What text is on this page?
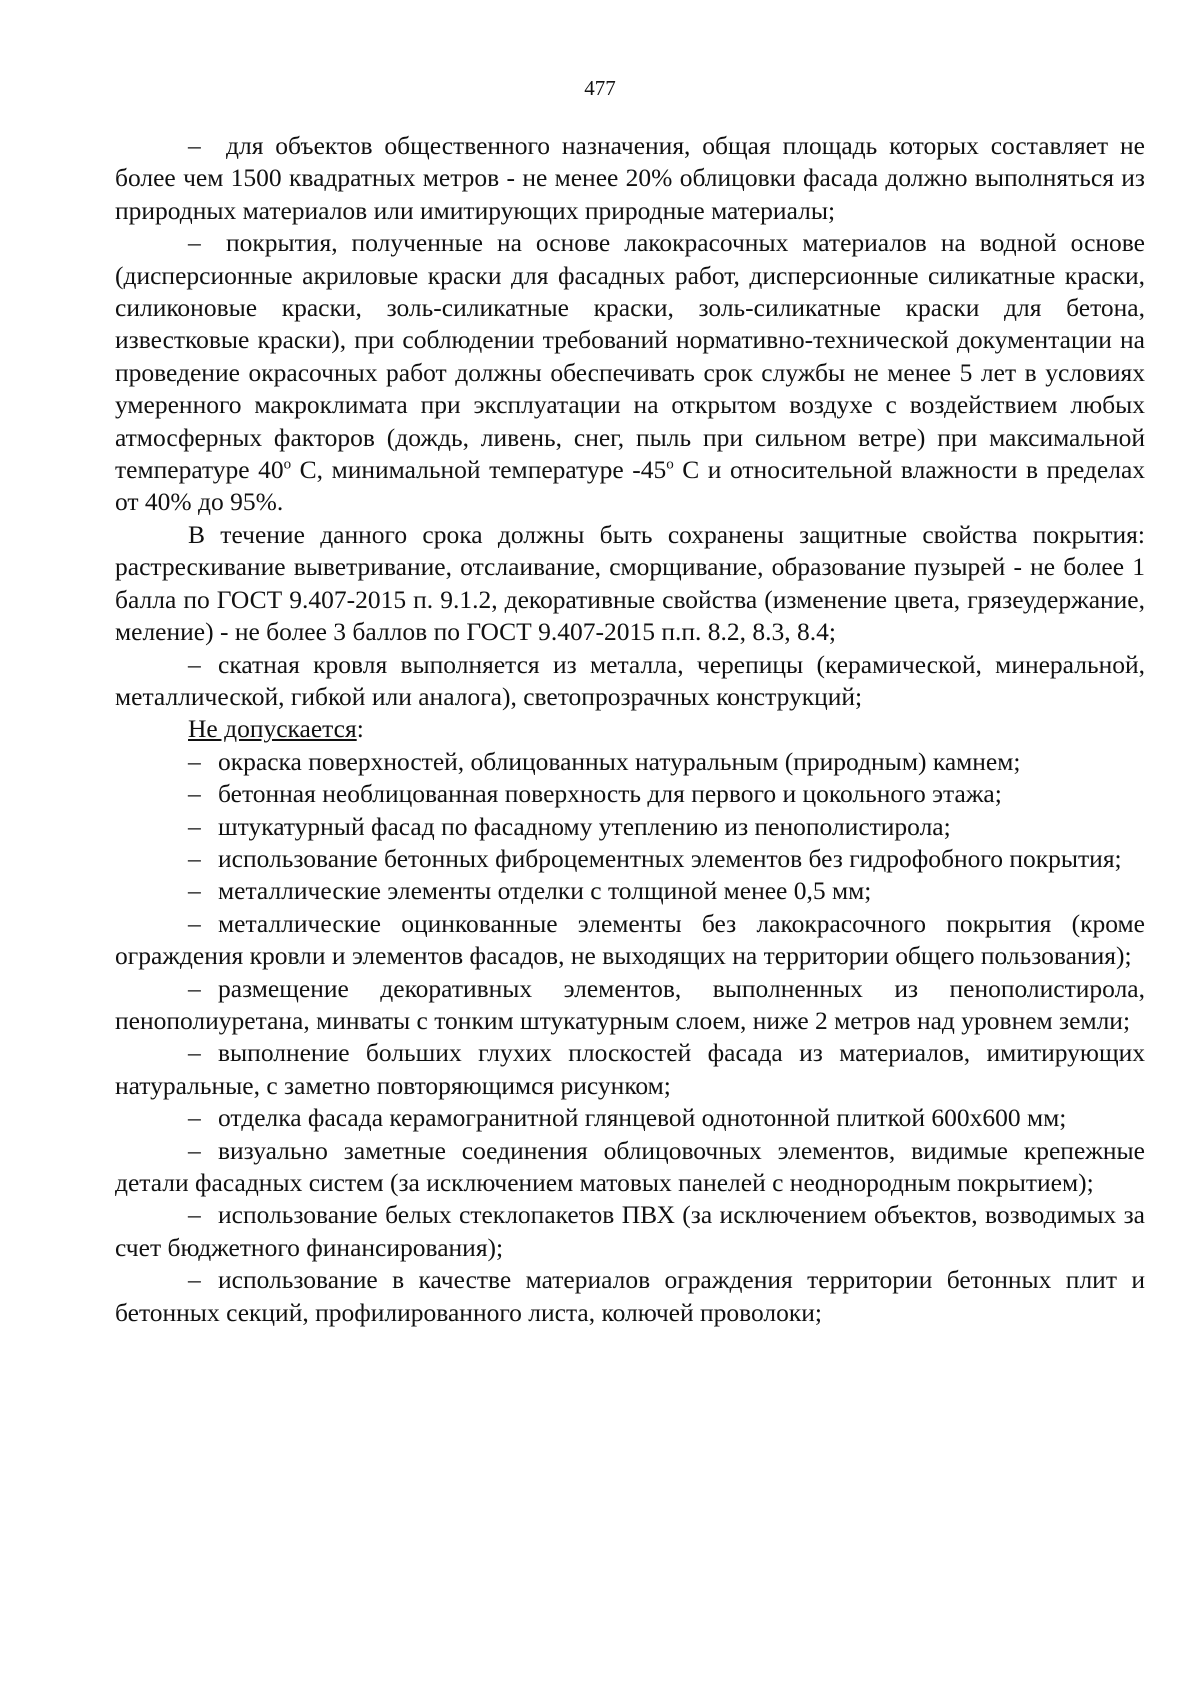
477

– для объектов общественного назначения, общая площадь которых составляет не более чем 1500 квадратных метров - не менее 20% облицовки фасада должно выполняться из природных материалов или имитирующих природные материалы;

– покрытия, полученные на основе лакокрасочных материалов на водной основе (дисперсионные акриловые краски для фасадных работ, дисперсионные силикатные краски, силиконовые краски, золь-силикатные краски, золь-силикатные краски для бетона, известковые краски), при соблюдении требований нормативно-технической документации на проведение окрасочных работ должны обеспечивать срок службы не менее 5 лет в условиях умеренного макроклимата при эксплуатации на открытом воздухе с воздействием любых атмосферных факторов (дождь, ливень, снег, пыль при сильном ветре) при максимальной температуре $40^о$ С, минимальной температуре $-45^о$ С и относительной влажности в пределах от 40% до 95%.

В течение данного срока должны быть сохранены защитные свойства покрытия: растрескивание выветривание, отслаивание, сморщивание, образование пузырей - не более 1 балла по ГОСТ 9.407-2015 п. 9.1.2, декоративные свойства (изменение цвета, грязеудержание, меление) - не более 3 баллов по ГОСТ 9.407-2015 п.п. 8.2, 8.3, 8.4;

– скатная кровля выполняется из металла, черепицы (керамической, минеральной, металлической, гибкой или аналога), светопрозрачных конструкций;

Не допускается:

– окраска поверхностей, облицованных натуральным (природным) камнем;

– бетонная необлицованная поверхность для первого и цокольного этажа;

– штукатурный фасад по фасадному утеплению из пенополистирола;

– использование бетонных фиброцементных элементов без гидрофобного покрытия;

– металлические элементы отделки с толщиной менее 0,5 мм;

– металлические оцинкованные элементы без лакокрасочного покрытия (кроме ограждения кровли и элементов фасадов, не выходящих на территории общего пользования);

– размещение декоративных элементов, выполненных из пенополистирола, пенополиуретана, минваты с тонким штукатурным слоем, ниже 2 метров над уровнем земли;

– выполнение больших глухих плоскостей фасада из материалов, имитирующих натуральные, с заметно повторяющимся рисунком;

– отделка фасада керамогранитной глянцевой однотонной плиткой 600х600 мм;

– визуально заметные соединения облицовочных элементов, видимые крепежные детали фасадных систем (за исключением матовых панелей с неоднородным покрытием);

– использование белых стеклопакетов ПВХ (за исключением объектов, возводимых за счет бюджетного финансирования);

– использование в качестве материалов ограждения территории бетонных плит и бетонных секций, профилированного листа, колючей проволоки;
